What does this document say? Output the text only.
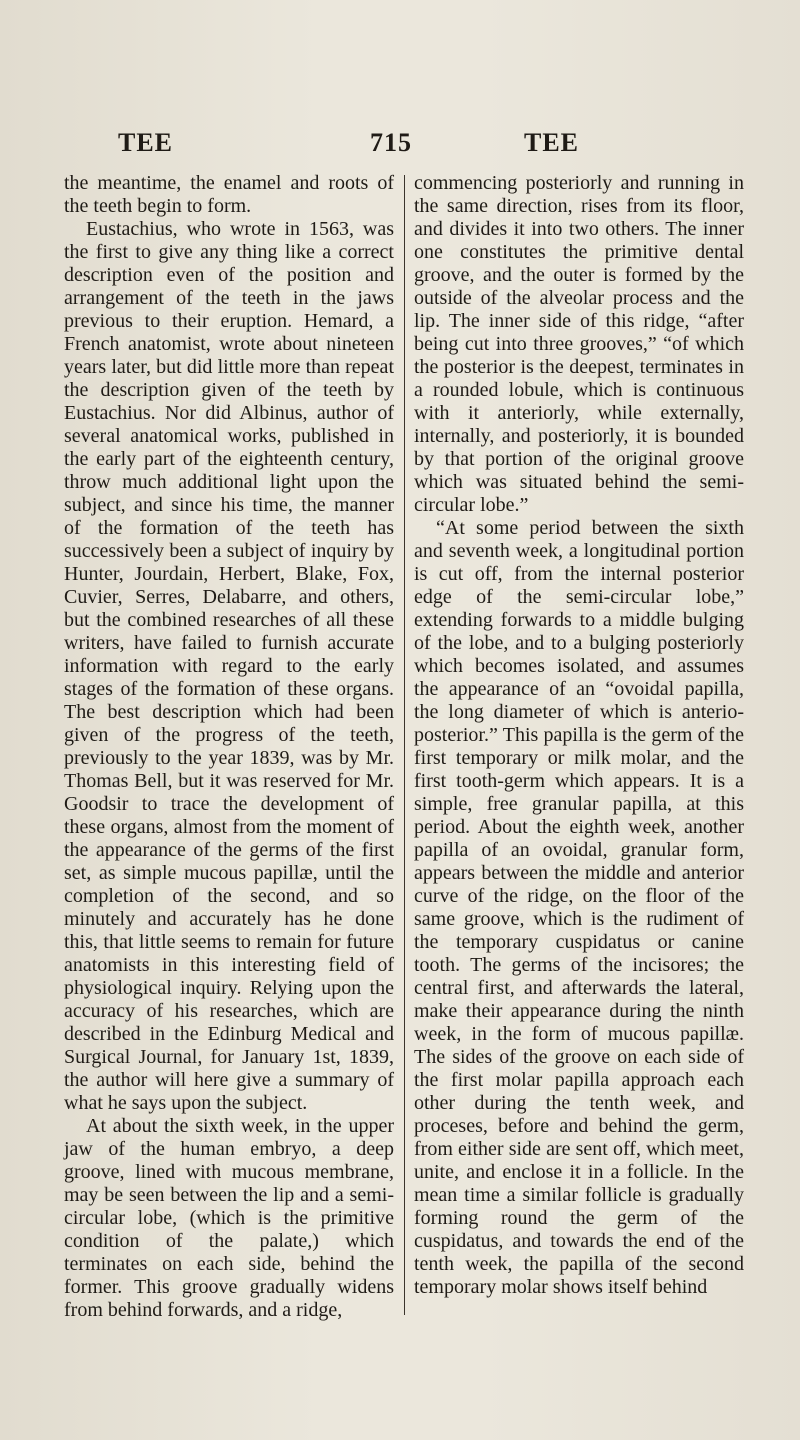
TEE	715	TEE

the meantime, the enamel and roots of the teeth begin to form.

Eustachius, who wrote in 1563, was the first to give any thing like a correct description even of the position and arrangement of the teeth in the jaws previous to their eruption. Hemard, a French anatomist, wrote about nineteen years later, but did little more than repeat the description given of the teeth by Eustachius. Nor did Albinus, author of several anatomical works, published in the early part of the eighteenth century, throw much additional light upon the subject, and since his time, the manner of the formation of the teeth has successively been a subject of inquiry by Hunter, Jourdain, Herbert, Blake, Fox, Cuvier, Serres, Delabarre, and others, but the combined researches of all these writers, have failed to furnish accurate information with regard to the early stages of the formation of these organs. The best description which had been given of the progress of the teeth, previously to the year 1839, was by Mr. Thomas Bell, but it was reserved for Mr. Goodsir to trace the development of these organs, almost from the moment of the appearance of the germs of the first set, as simple mucous papillæ, until the completion of the second, and so minutely and accurately has he done this, that little seems to remain for future anatomists in this interesting field of physiological inquiry. Relying upon the accuracy of his researches, which are described in the Edinburg Medical and Surgical Journal, for January 1st, 1839, the author will here give a summary of what he says upon the subject.

At about the sixth week, in the upper jaw of the human embryo, a deep groove, lined with mucous membrane, may be seen between the lip and a semi-circular lobe, (which is the primitive condition of the palate,) which terminates on each side, behind the former. This groove gradually widens from behind forwards, and a ridge,

commencing posteriorly and running in the same direction, rises from its floor, and divides it into two others. The inner one constitutes the primitive dental groove, and the outer is formed by the outside of the alveolar process and the lip. The inner side of this ridge, “after being cut into three grooves,” “of which the posterior is the deepest, terminates in a rounded lobule, which is continuous with it anteriorly, while externally, internally, and posteriorly, it is bounded by that portion of the original groove which was situated behind the semi-circular lobe.”

“At some period between the sixth and seventh week, a longitudinal portion is cut off, from the internal posterior edge of the semi-circular lobe,” extending forwards to a middle bulging of the lobe, and to a bulging posteriorly which becomes isolated, and assumes the appearance of an “ovoidal papilla, the long diameter of which is anterio-posterior.” This papilla is the germ of the first temporary or milk molar, and the first tooth-germ which appears. It is a simple, free granular papilla, at this period. About the eighth week, another papilla of an ovoidal, granular form, appears between the middle and anterior curve of the ridge, on the floor of the same groove, which is the rudiment of the temporary cuspidatus or canine tooth. The germs of the incisores; the central first, and afterwards the lateral, make their appearance during the ninth week, in the form of mucous papillæ. The sides of the groove on each side of the first molar papilla approach each other during the tenth week, and proceses, before and behind the germ, from either side are sent off, which meet, unite, and enclose it in a follicle. In the mean time a similar follicle is gradually forming round the germ of the cuspidatus, and towards the end of the tenth week, the papilla of the second temporary molar shows itself behind
